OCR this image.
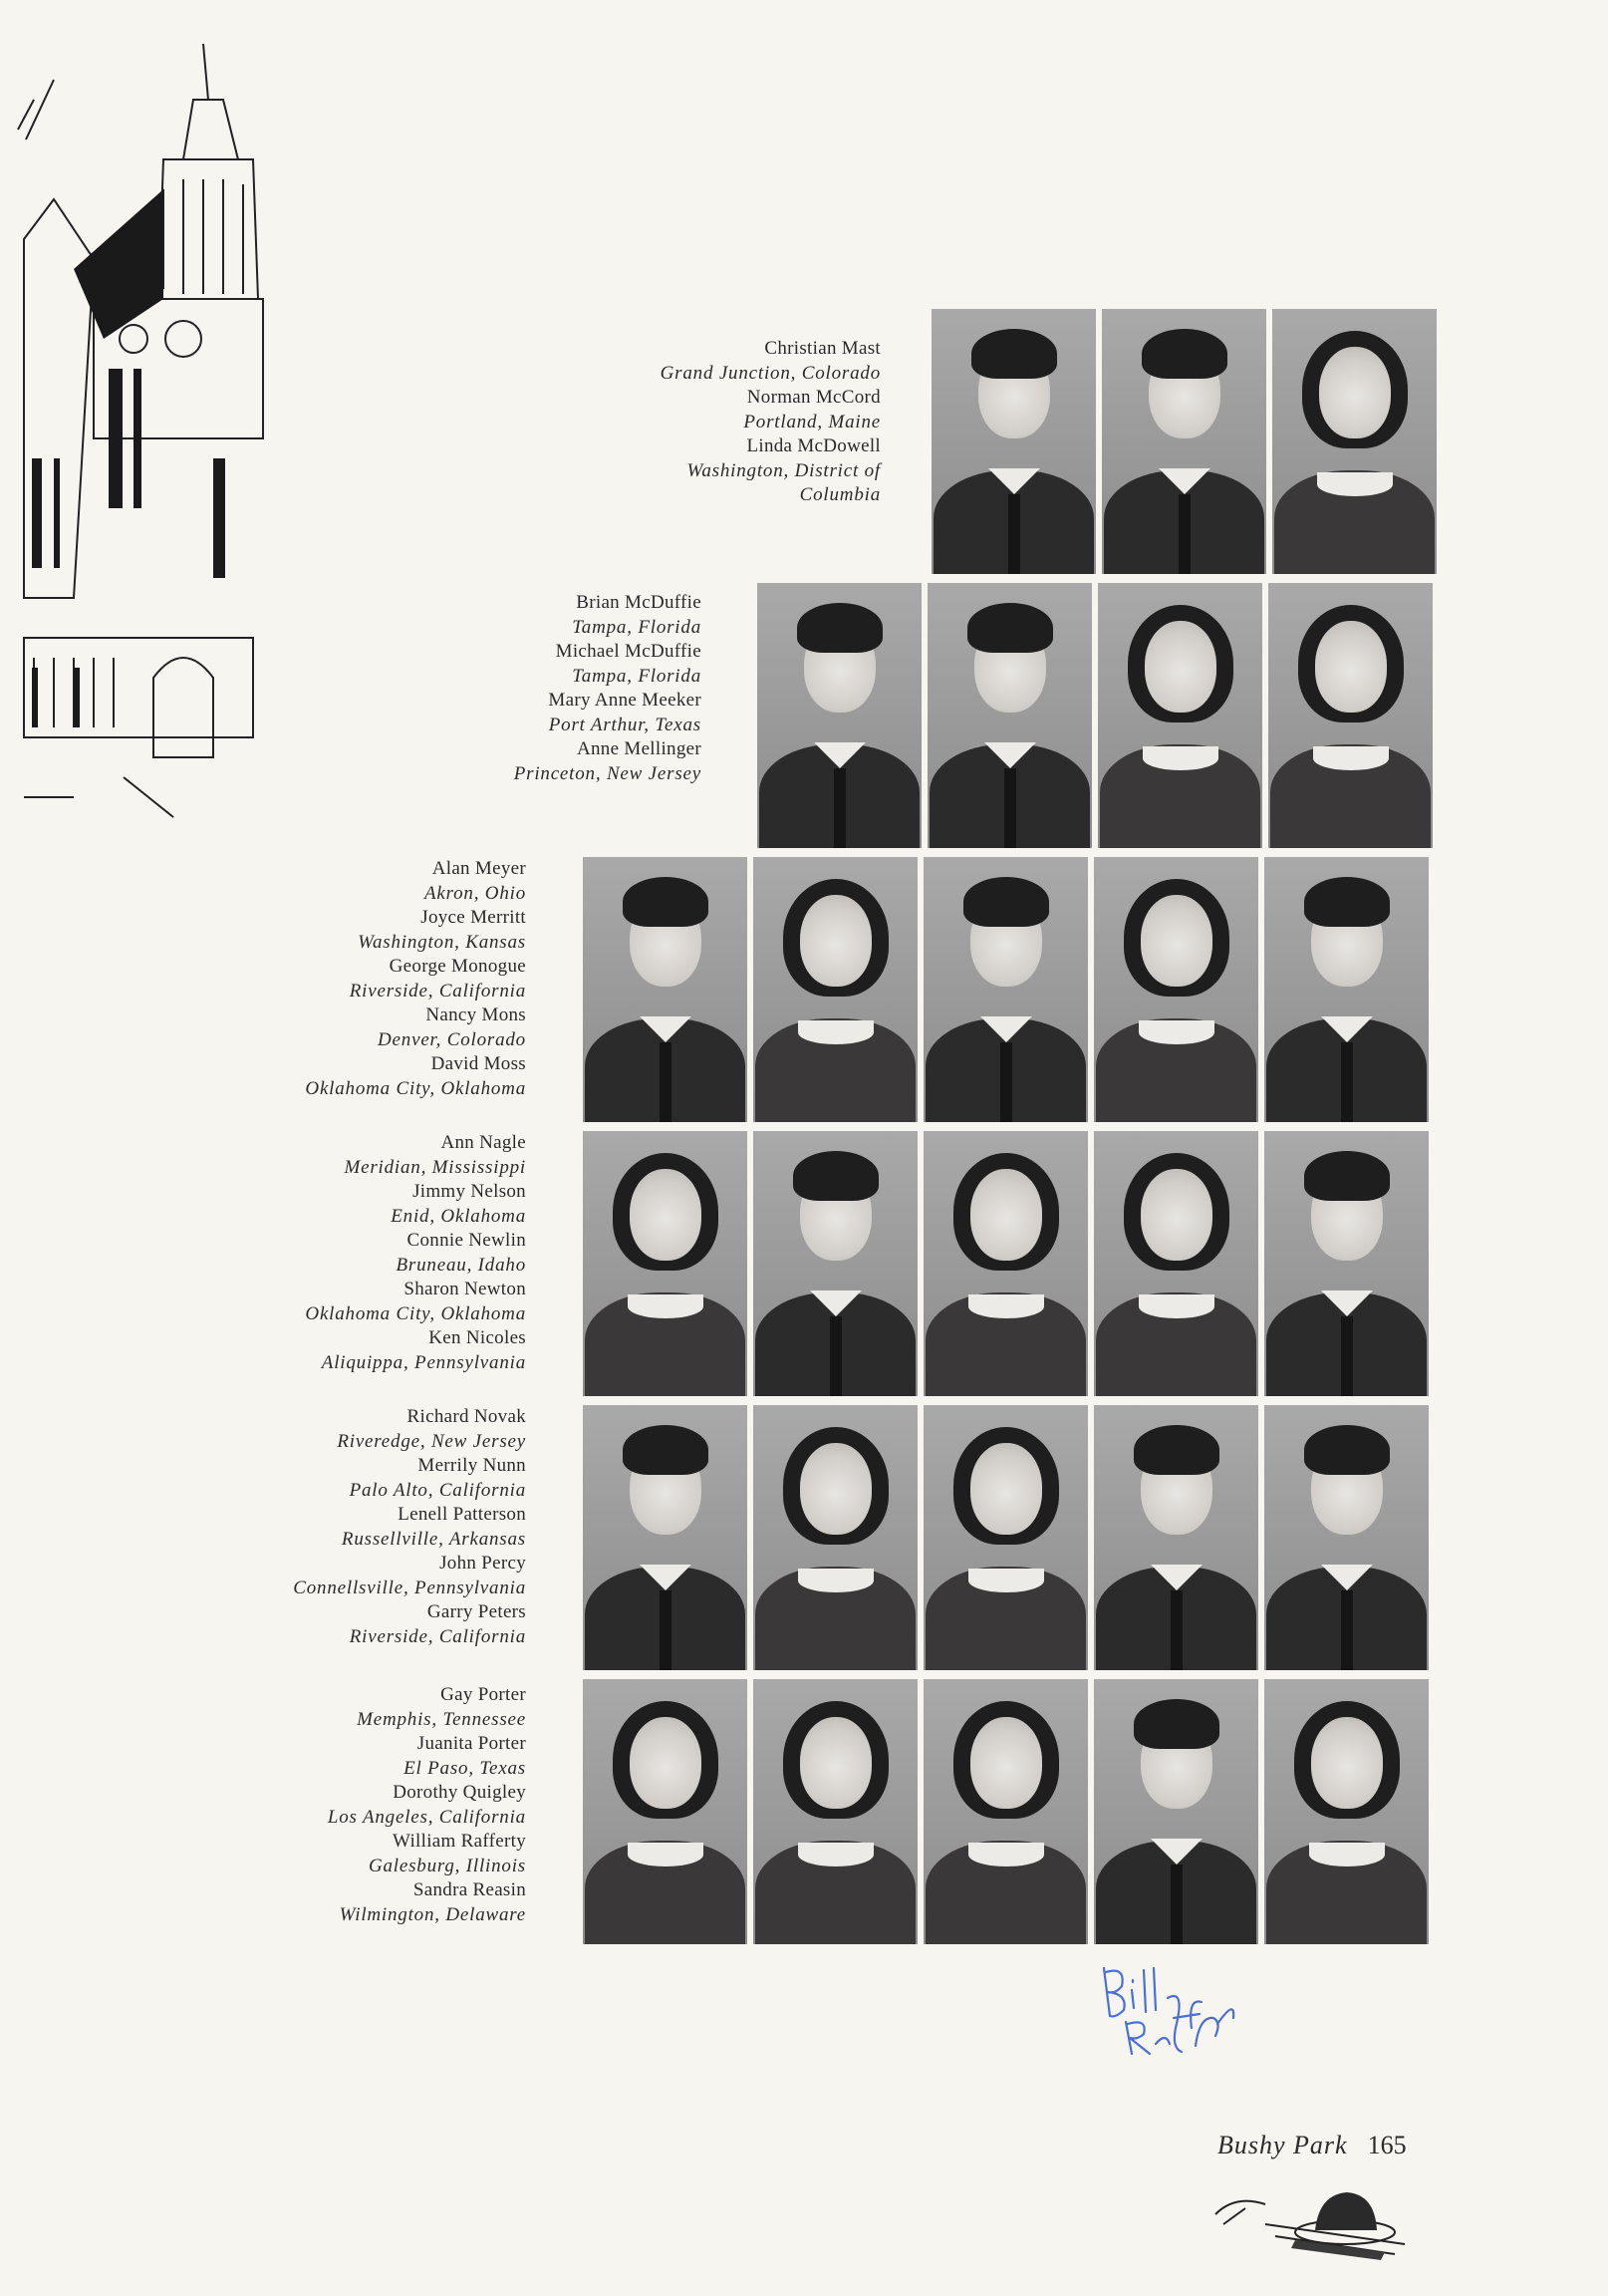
Christian Mast
Grand Junction, Colorado
Norman McCord
Portland, Maine
Linda McDowell
Washington, District of Columbia
Brian McDuffie
Tampa, Florida
Michael McDuffie
Tampa, Florida
Mary Anne Meeker
Port Arthur, Texas
Anne Mellinger
Princeton, New Jersey
Alan Meyer
Akron, Ohio
Joyce Merritt
Washington, Kansas
George Monogue
Riverside, California
Nancy Mons
Denver, Colorado
David Moss
Oklahoma City, Oklahoma
Ann Nagle
Meridian, Mississippi
Jimmy Nelson
Enid, Oklahoma
Connie Newlin
Bruneau, Idaho
Sharon Newton
Oklahoma City, Oklahoma
Ken Nicoles
Aliquippa, Pennsylvania
Richard Novak
Riveredge, New Jersey
Merrily Nunn
Palo Alto, California
Lenell Patterson
Russellville, Arkansas
John Percy
Connellsville, Pennsylvania
Garry Peters
Riverside, California
Gay Porter
Memphis, Tennessee
Juanita Porter
El Paso, Texas
Dorothy Quigley
Los Angeles, California
William Rafferty
Galesburg, Illinois
Sandra Reasin
Wilmington, Delaware
Bushy Park 165
